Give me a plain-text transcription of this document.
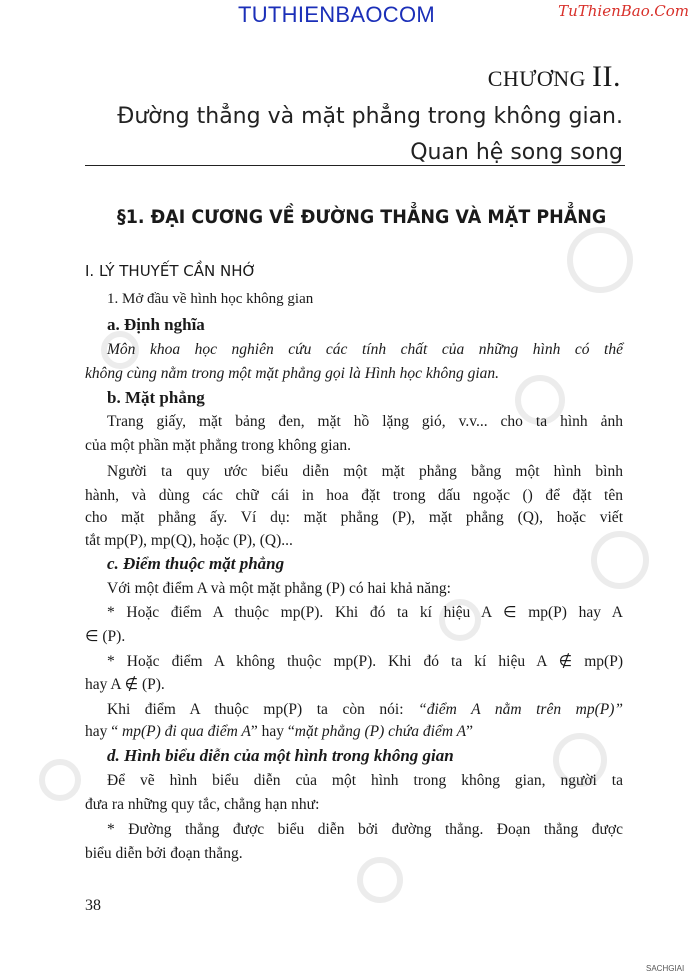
TUTHIENBAOCOM	TuThienBao.Com
CHƯƠNG II.
Đường thẳng và mặt phẳng trong không gian.
Quan hệ song song
§1. ĐẠI CƯƠNG VỀ ĐƯỜNG THẲNG VÀ MẶT PHẲNG
I. LÝ THUYẾT CẦN NHỚ
1. Mở đầu về hình học không gian
a. Định nghĩa
Môn khoa học nghiên cứu các tính chất của những hình có thể
không cùng nằm trong một mặt phẳng gọi là Hình học không gian.
b. Mặt phẳng
Trang giấy, mặt bảng đen, mặt hồ lặng gió, v.v... cho ta hình ảnh
của một phần mặt phẳng trong không gian.
Người ta quy ước biểu diễn một mặt phẳng bằng một hình bình
hành, và dùng các chữ cái in hoa đặt trong dấu ngoặc () để đặt tên
cho mặt phẳng ấy. Ví dụ: mặt phẳng (P), mặt phẳng (Q), hoặc viết
tắt mp(P), mp(Q), hoặc (P), (Q)...
c. Điểm thuộc mặt phẳng
Với một điểm A và một mặt phẳng (P) có hai khả năng:
* Hoặc điểm A thuộc mp(P). Khi đó ta kí hiệu A ∈ mp(P) hay A
∈ (P).
* Hoặc điểm A không thuộc mp(P). Khi đó ta kí hiệu A ∉ mp(P)
hay A ∉ (P).
Khi điểm A thuộc mp(P) ta còn nói: “điểm A nằm trên mp(P)”
hay “ mp(P) đi qua điểm A” hay “mặt phẳng (P) chứa điểm A”
d. Hình biểu diễn của một hình trong không gian
Để vẽ hình biểu diễn của một hình trong không gian, người ta
đưa ra những quy tắc, chẳng hạn như:
* Đường thẳng được biểu diễn bởi đường thẳng. Đoạn thẳng được
biểu diễn bởi đoạn thẳng.
38
SACHGIAI
